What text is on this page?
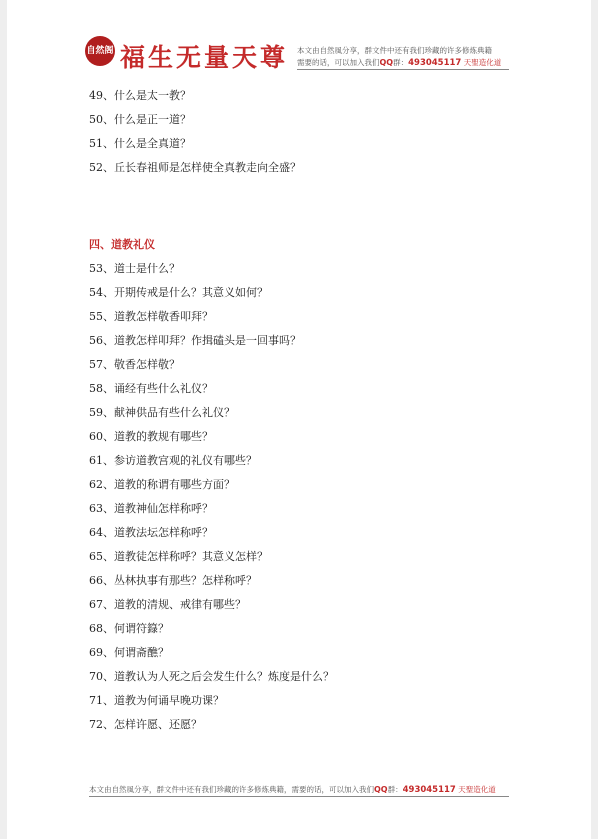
自然阁 福生无量天尊 本文由自然風分享，群文件中还有我们珍藏的许多修炼典籍
需要的话，可以加入我们QQ群：493045117 天聖造化道
49、什么是太一教？
50、什么是正一道？
51、什么是全真道？
52、丘长春祖师是怎样使全真教走向全盛？
四、道教礼仪
53、道士是什么？
54、开期传戒是什么？其意义如何？
55、道教怎样敬香叩拜？
56、道教怎样叩拜？作揖磕头是一回事吗？
57、敬香怎样敬？
58、诵经有些什么礼仪？
59、献神供品有些什么礼仪？
60、道教的教规有哪些？
61、参访道教宫观的礼仪有哪些？
62、道教的称谓有哪些方面？
63、道教神仙怎样称呼？
64、道教法坛怎样称呼？
65、道教徒怎样称呼？其意义怎样？
66、丛林执事有那些？怎样称呼？
67、道教的清规、戒律有哪些？
68、何谓符籙？
69、何谓斋醮？
70、道教认为人死之后会发生什么？炼度是什么？
71、道教为何诵早晚功课？
72、怎样许愿、还愿？
本文由自然風分享，群文件中还有我们珍藏的许多修炼典籍，需要的话，可以加入我们QQ群：493045117 天聖造化道
